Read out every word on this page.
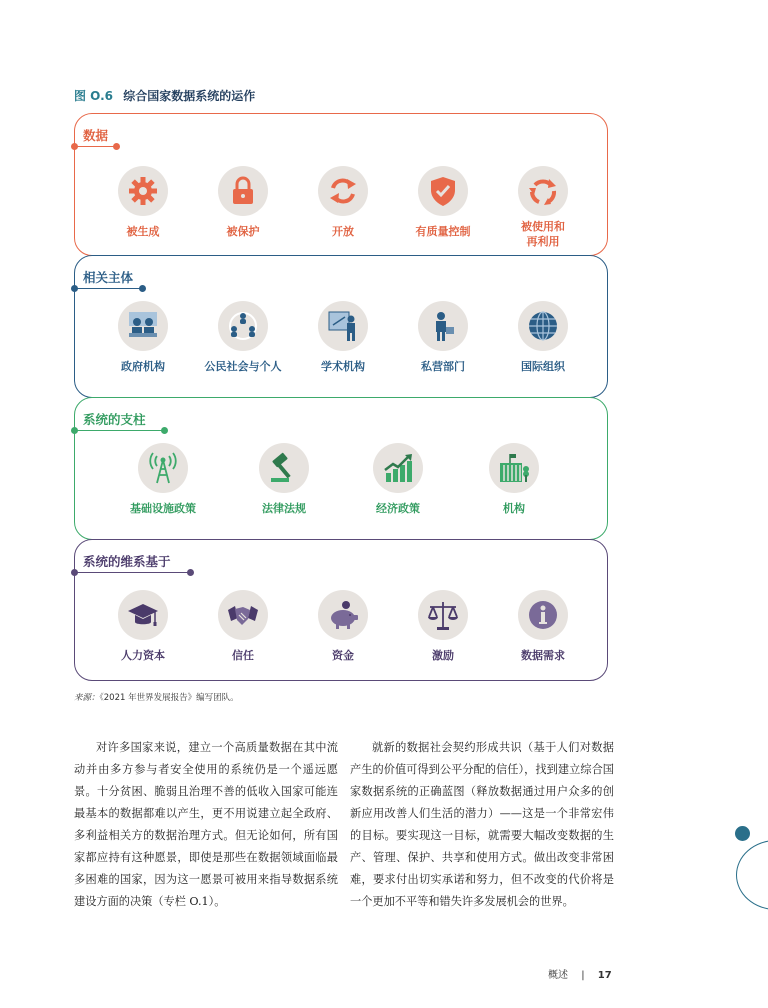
图 O.6 综合国家数据系统的运作
数据
被生成	被保护	开放	有质量控制	被使用和
再利用
相关主体
政府机构	公民社会与个人	学术机构	私营部门	国际组织
系统的支柱
基础设施政策	法律法规	经济政策	机构
系统的维系基于
人力资本	信任	资金	激励	数据需求
来源：《2021 年世界发展报告》编写团队。
对许多国家来说，建立一个高质量数据在其中流动并由多方参与者安全使用的系统仍是一个遥远愿景。十分贫困、脆弱且治理不善的低收入国家可能连最基本的数据都难以产生，更不用说建立起全政府、多利益相关方的数据治理方式。但无论如何，所有国家都应持有这种愿景，即使是那些在数据领域面临最多困难的国家，因为这一愿景可被用来指导数据系统建设方面的决策（专栏 O.1）。
就新的数据社会契约形成共识（基于人们对数据产生的价值可得到公平分配的信任），找到建立综合国家数据系统的正确蓝图（释放数据通过用户众多的创新应用改善人们生活的潜力）——这是一个非常宏伟的目标。要实现这一目标，就需要大幅改变数据的生产、管理、保护、共享和使用方式。做出改变非常困难，要求付出切实承诺和努力，但不改变的代价将是一个更加不平等和错失许多发展机会的世界。
概述 | 17
